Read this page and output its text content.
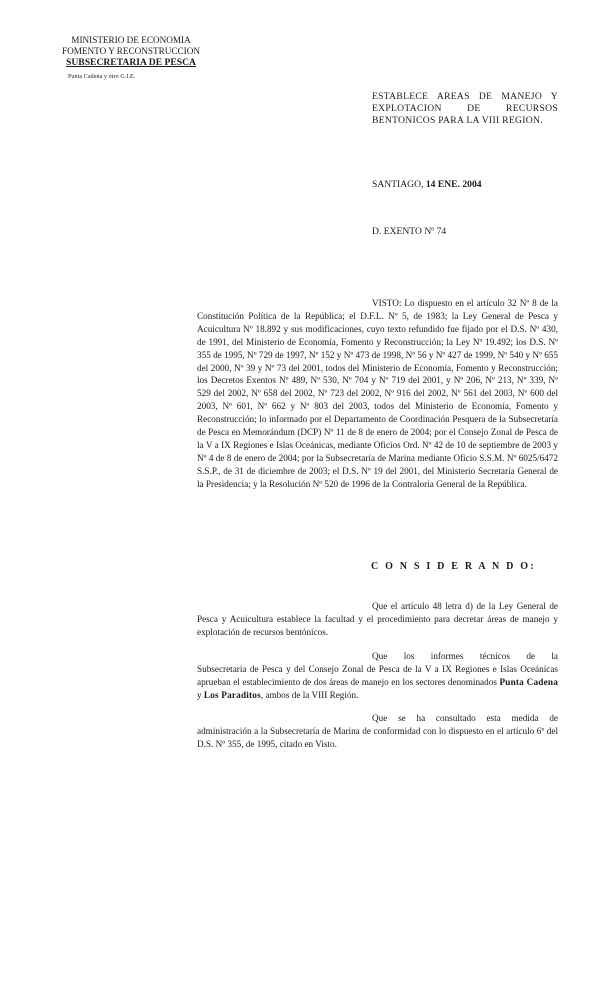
MINISTERIO DE ECONOMIA
FOMENTO Y RECONSTRUCCION
SUBSECRETARIA DE PESCA
Punta Cadena y otro G.I.E.
ESTABLECE AREAS DE MANEJO Y EXPLOTACION DE RECURSOS BENTONICOS PARA LA VIII REGION.
SANTIAGO, 14 ENE. 2004
D. EXENTO Nº 74
VISTO: Lo dispuesto en el artículo 32 Nº 8 de la Constitución Política de la República; el D.F.L. Nº 5, de 1983; la Ley General de Pesca y Acuicultura Nº 18.892 y sus modificaciones, cuyo texto refundido fue fijado por el D.S. Nº 430, de 1991, del Ministerio de Economía, Fomento y Reconstrucción; la Ley Nº 19.492; los D.S. Nº 355 de 1995, Nº 729 de 1997, Nº 152 y Nº 473 de 1998, Nº 56 y Nº 427 de 1999, Nº 540 y Nº 655 del 2000, Nº 39 y Nº 73 del 2001, todos del Ministerio de Economía, Fomento y Reconstrucción; los Decretos Exentos Nº 489, Nº 530, Nº 704 y Nº 719 del 2001, y Nº 206, Nº 213, Nº 339, Nº 529 del 2002, Nº 658 del 2002, Nº 723 del 2002, Nº 916 del 2002, Nº 561 del 2003, Nº 600 del 2003, Nº 601, Nº 662 y Nº 803 del 2003, todos del Ministerio de Economía, Fomento y Reconstrucción; lo informado por el Departamento de Coordinación Pesquera de la Subsecretaría de Pesca en Memorándum (DCP) Nº 11 de 8 de enero de 2004; por el Consejo Zonal de Pesca de la V a IX Regiones e Islas Oceánicas, mediante Oficios Ord. Nº 42 de 10 de septiembre de 2003 y Nº 4 de 8 de enero de 2004; por la Subsecretaría de Marina mediante Oficio S.S.M. Nº 6025/6472 S.S.P., de 31 de diciembre de 2003; el D.S. Nº 19 del 2001, del Ministerio Secretaría General de la Presidencia; y la Resolución Nº 520 de 1996 de la Contraloría General de la República.
C O N S I D E R A N D O:
Que el artículo 48 letra d) de la Ley General de Pesca y Acuicultura establece la facultad y el procedimiento para decretar áreas de manejo y explotación de recursos bentónicos.
Que los informes técnicos de la Subsecretaría de Pesca y del Consejo Zonal de Pesca de la V a IX Regiones e Islas Oceánicas aprueban el establecimiento de dos áreas de manejo en los sectores denominados Punta Cadena y Los Paraditos, ambos de la VIII Región.
Que se ha consultado esta medida de administración a la Subsecretaría de Marina de conformidad con lo dispuesto en el artículo 6º del D.S. Nº 355, de 1995, citado en Visto.
